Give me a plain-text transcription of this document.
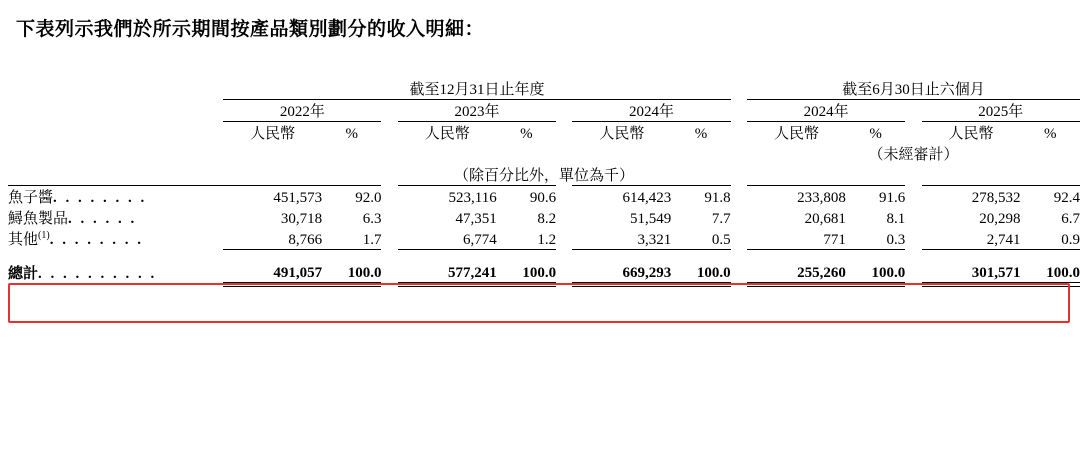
下表列示我們於所示期間按產品類別劃分的收入明細：
	截至12月31日止年度									截至6月30日止六個月				
	2022年			2023年			2024年			2024年			2025年	
	人民幣	%		人民幣	%		人民幣	%		人民幣	%		人民幣	%
										（未經審計）				
（除百分比外，單位為千）														

魚子醬. . . . . . . .	451,573	92.0		523,116	90.6		614,423	91.8		233,808	91.6		278,532	92.4
鱘魚製品. . . . . .	30,718	6.3		47,351	8.2		51,549	7.7		20,681	8.1		20,298	6.7
其他$^{(1)}$. . . . . . . .	8,766	1.7		6,774	1.2		3,321	0.5		771	0.3		2,741	0.9

總計. . . . . . . . . .	491,057	100.0		577,241	100.0		669,293	100.0		255,260	100.0		301,571	100.0
